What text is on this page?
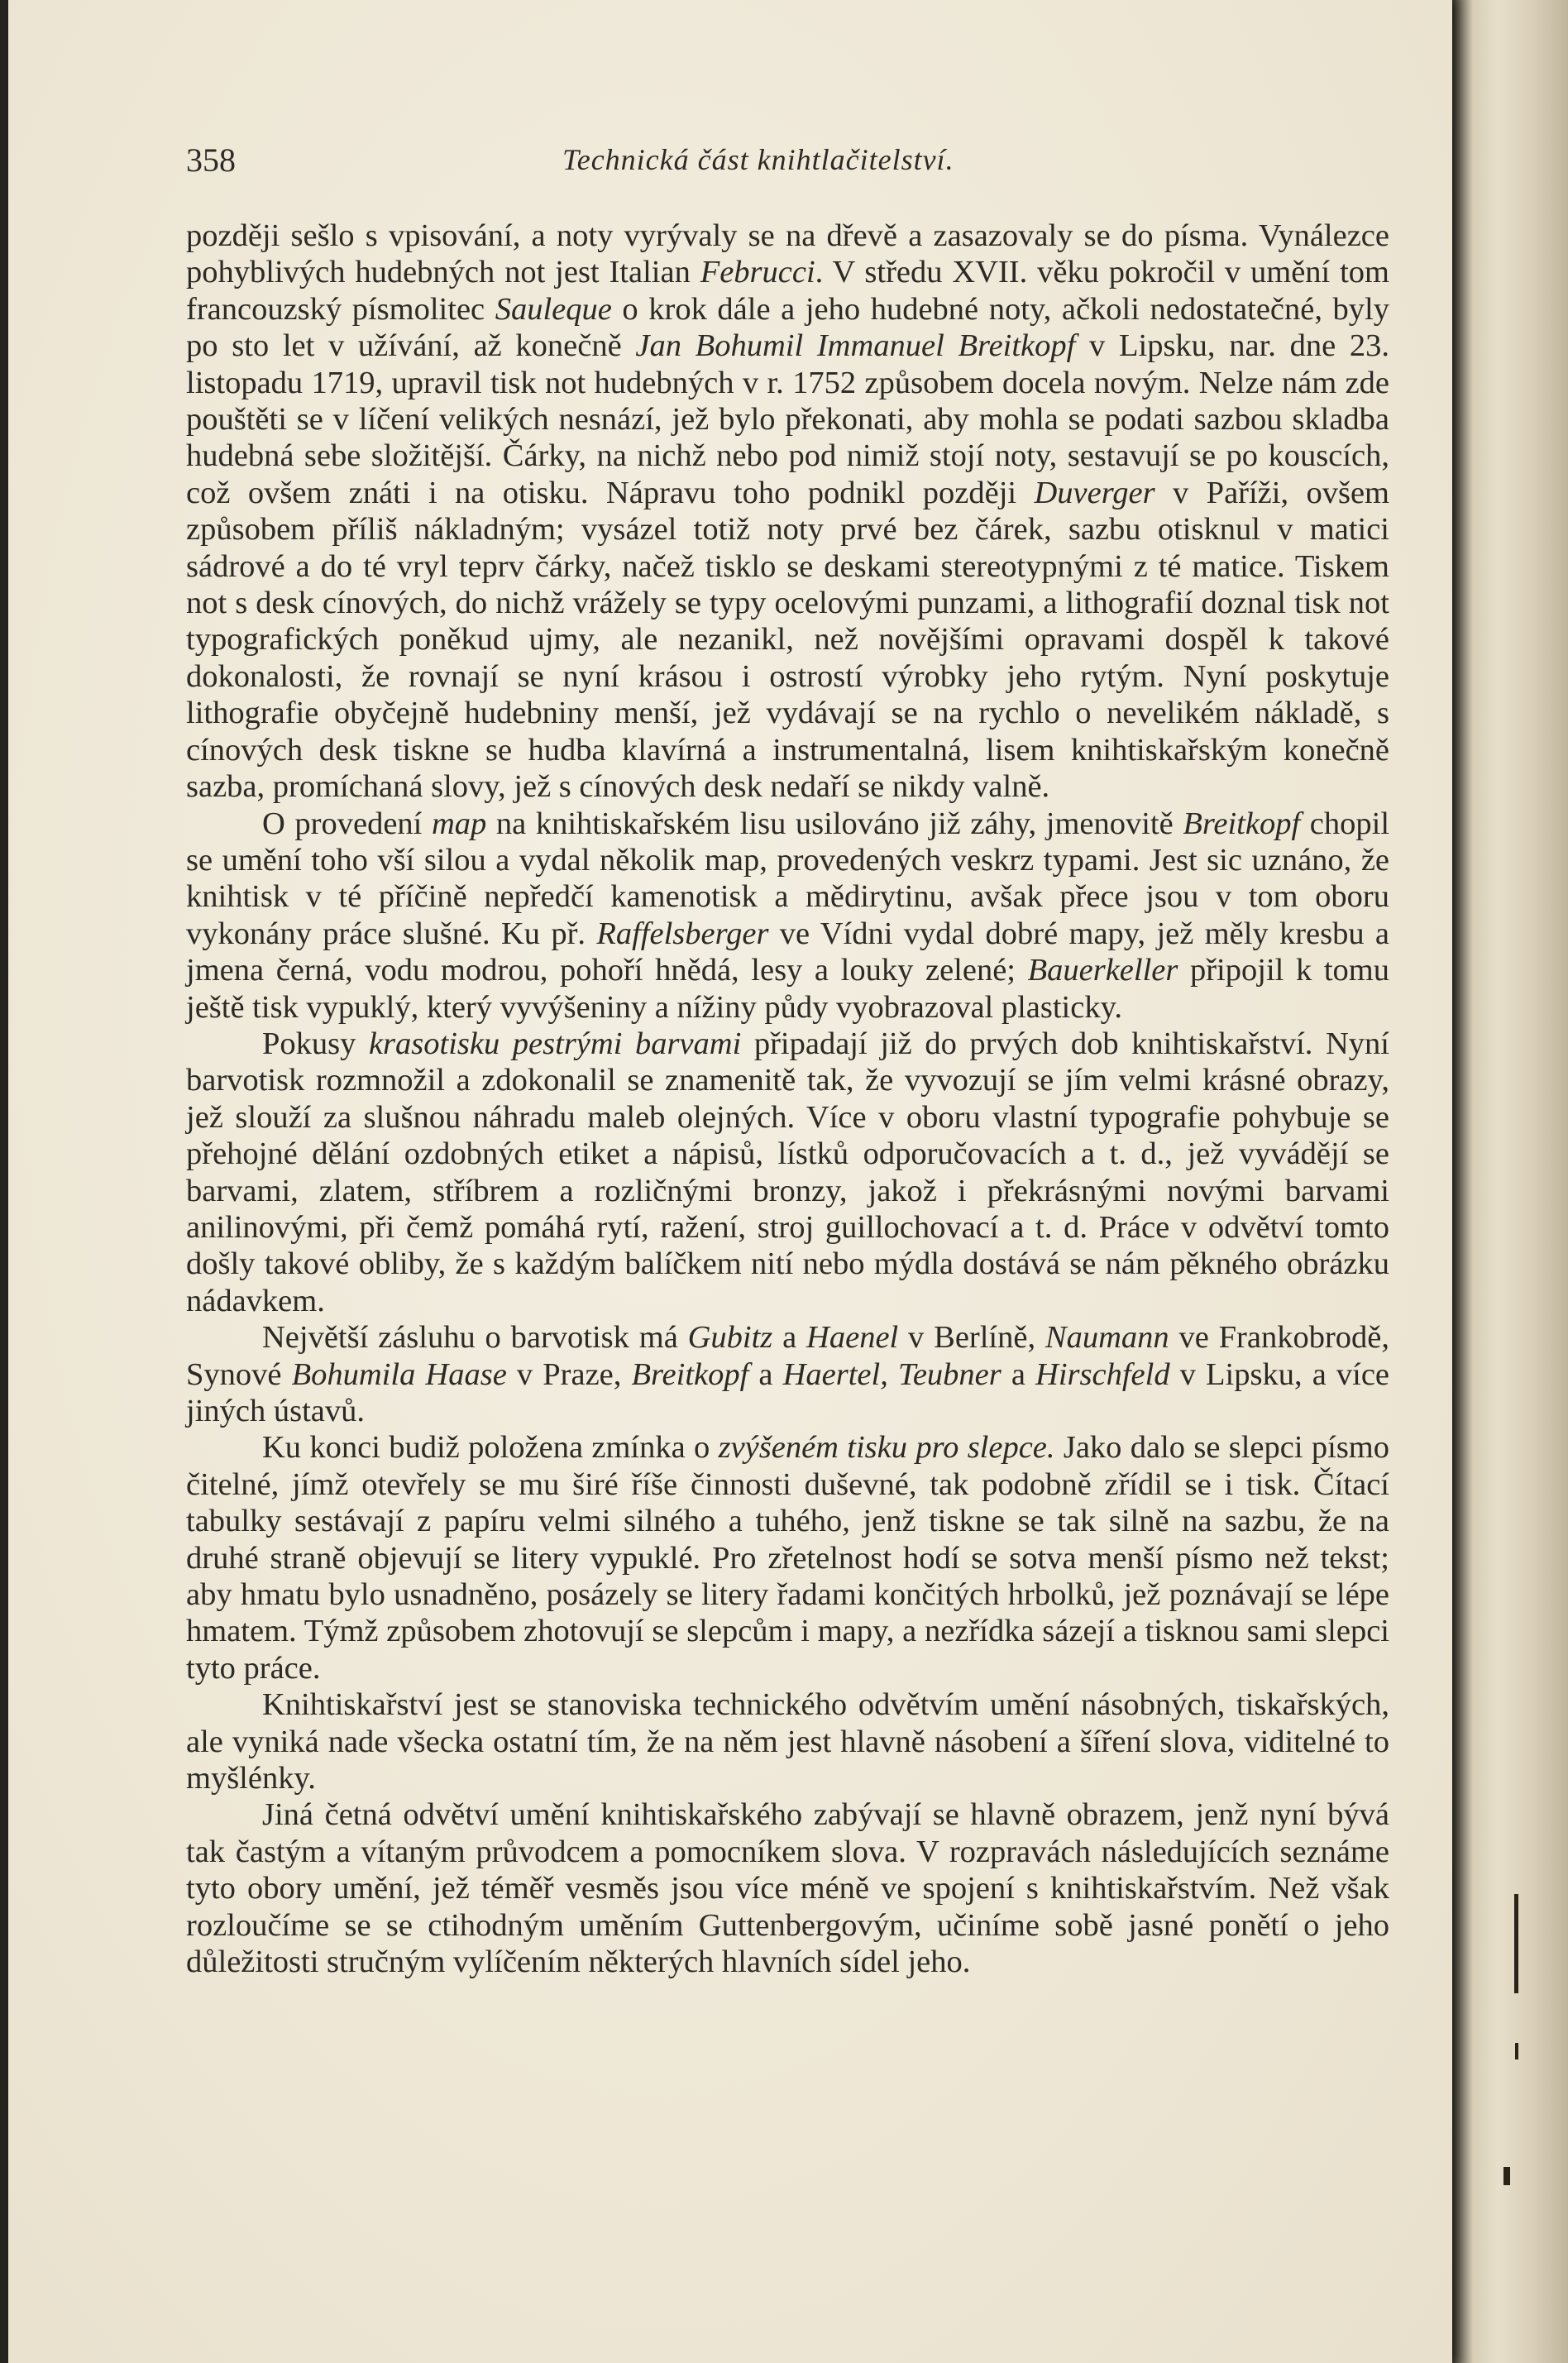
358	Technická část knihtlačitelství.

později sešlo s vpisování, a noty vyrývaly se na dřevě a zasazovaly se do písma. Vynálezce pohyblivých hudebných not jest Italian Februcci. V středu XVII. věku pokročil v umění tom francouzský písmolitec Sauleque o krok dále a jeho hudebné noty, ačkoli nedostatečné, byly po sto let v užívání, až konečně Jan Bohumil Immanuel Breitkopf v Lipsku, nar. dne 23. listopadu 1719, upravil tisk not hudebných v r. 1752 způsobem docela novým. Nelze nám zde pouštěti se v líčení velikých nesnází, jež bylo překonati, aby mohla se podati sazbou skladba hudebná sebe složitější. Čárky, na nichž nebo pod nimiž stojí noty, sestavují se po kouscích, což ovšem znáti i na otisku. Nápravu toho podnikl později Duverger v Paříži, ovšem způsobem příliš nákladným; vysázel totiž noty prvé bez čárek, sazbu otisknul v matici sádrové a do té vryl teprv čárky, načež tisklo se deskami stereotypnými z té matice. Tiskem not s desk cínových, do nichž vrážely se typy ocelovými punzami, a lithografií doznal tisk not typografických poněkud ujmy, ale nezanikl, než novějšími opravami dospěl k takové dokonalosti, že rovnají se nyní krásou i ostrostí výrobky jeho rytým. Nyní poskytuje lithografie obyčejně hudebniny menší, jež vydávají se na rychlo o nevelikém nákladě, s cínových desk tiskne se hudba klavírná a instrumentalná, lisem knihtiskařským konečně sazba, promíchaná slovy, jež s cínových desk nedaří se nikdy valně.

O provedení map na knihtiskařském lisu usilováno již záhy, jmenovitě Breitkopf chopil se umění toho vší silou a vydal několik map, provedených veskrz typami. Jest sic uznáno, že knihtisk v té příčině nepředčí kamenotisk a mědirytinu, avšak přece jsou v tom oboru vykonány práce slušné. Ku př. Raffelsberger ve Vídni vydal dobré mapy, jež měly kresbu a jmena černá, vodu modrou, pohoří hnědá, lesy a louky zelené; Bauerkeller připojil k tomu ještě tisk vypuklý, který vyvýšeniny a nížiny půdy vyobrazoval plasticky.

Pokusy krasotisku pestrými barvami připadají již do prvých dob knihtiskařství. Nyní barvotisk rozmnožil a zdokonalil se znamenitě tak, že vyvozují se jím velmi krásné obrazy, jež slouží za slušnou náhradu maleb olejných. Více v oboru vlastní typografie pohybuje se přehojné dělání ozdobných etiket a nápisů, lístků odporučovacích a t. d., jež vyvádějí se barvami, zlatem, stříbrem a rozličnými bronzy, jakož i překrásnými novými barvami anilinovými, při čemž pomáhá rytí, ražení, stroj guillochovací a t. d. Práce v odvětví tomto došly takové obliby, že s každým balíčkem nití nebo mýdla dostává se nám pěkného obrázku nádavkem.

Největší zásluhu o barvotisk má Gubitz a Haenel v Berlíně, Naumann ve Frankobrodě, Synové Bohumila Haase v Praze, Breitkopf a Haertel, Teubner a Hirschfeld v Lipsku, a více jiných ústavů.

Ku konci budiž položena zmínka o zvýšeném tisku pro slepce. Jako dalo se slepci písmo čitelné, jímž otevřely se mu širé říše činnosti duševné, tak podobně zřídil se i tisk. Čítací tabulky sestávají z papíru velmi silného a tuhého, jenž tiskne se tak silně na sazbu, že na druhé straně objevují se litery vypuklé. Pro zřetelnost hodí se sotva menší písmo než tekst; aby hmatu bylo usnadněno, posázely se litery řadami končitých hrbolků, jež poznávají se lépe hmatem. Týmž způsobem zhotovují se slepcům i mapy, a nezřídka sázejí a tisknou sami slepci tyto práce.

Knihtiskařství jest se stanoviska technického odvětvím umění násobných, tiskařských, ale vyniká nade všecka ostatní tím, že na něm jest hlavně násobení a šíření slova, viditelné to myšlénky.

Jiná četná odvětví umění knihtiskařského zabývají se hlavně obrazem, jenž nyní bývá tak častým a vítaným průvodcem a pomocníkem slova. V rozpravách následujících seznáme tyto obory umění, jež téměř vesměs jsou více méně ve spojení s knihtiskařstvím. Než však rozloučíme se se ctihodným uměním Guttenbergovým, učiníme sobě jasné ponětí o jeho důležitosti stručným vylíčením některých hlavních sídel jeho.
